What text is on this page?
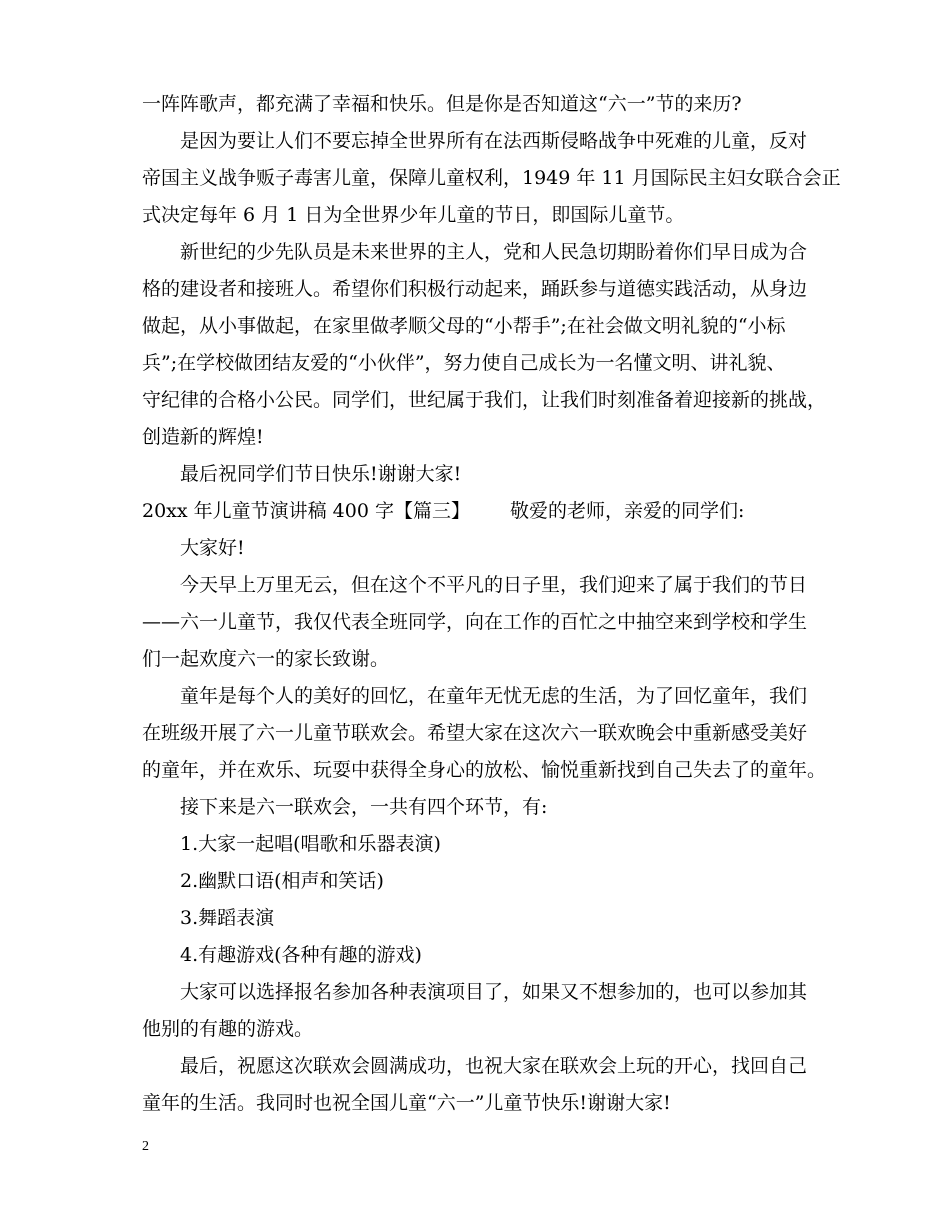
一阵阵歌声，都充满了幸福和快乐。但是你是否知道这“六一”节的来历?
是因为要让人们不要忘掉全世界所有在法西斯侵略战争中死难的儿童，反对
帝国主义战争贩子毒害儿童，保障儿童权利，1949 年 11 月国际民主妇女联合会正
式决定每年 6 月 1 日为全世界少年儿童的节日，即国际儿童节。
新世纪的少先队员是未来世界的主人，党和人民急切期盼着你们早日成为合
格的建设者和接班人。希望你们积极行动起来，踊跃参与道德实践活动，从身边
做起，从小事做起，在家里做孝顺父母的“小帮手”;在社会做文明礼貌的“小标
兵”;在学校做团结友爱的“小伙伴”，努力使自己成长为一名懂文明、讲礼貌、
守纪律的合格小公民。同学们，世纪属于我们，让我们时刻准备着迎接新的挑战，
创造新的辉煌!
最后祝同学们节日快乐!谢谢大家!
20xx 年儿童节演讲稿 400 字【篇三】 敬爱的老师，亲爱的同学们:
大家好!
今天早上万里无云，但在这个不平凡的日子里，我们迎来了属于我们的节日
——六一儿童节，我仅代表全班同学，向在工作的百忙之中抽空来到学校和学生
们一起欢度六一的家长致谢。
童年是每个人的美好的回忆，在童年无忧无虑的生活，为了回忆童年，我们
在班级开展了六一儿童节联欢会。希望大家在这次六一联欢晚会中重新感受美好
的童年，并在欢乐、玩耍中获得全身心的放松、愉悦重新找到自己失去了的童年。
接下来是六一联欢会，一共有四个环节，有:
1.大家一起唱(唱歌和乐器表演)
2.幽默口语(相声和笑话)
3.舞蹈表演
4.有趣游戏(各种有趣的游戏)
大家可以选择报名参加各种表演项目了，如果又不想参加的，也可以参加其
他别的有趣的游戏。
最后，祝愿这次联欢会圆满成功，也祝大家在联欢会上玩的开心，找回自己
童年的生活。我同时也祝全国儿童“六一”儿童节快乐!谢谢大家!
2
